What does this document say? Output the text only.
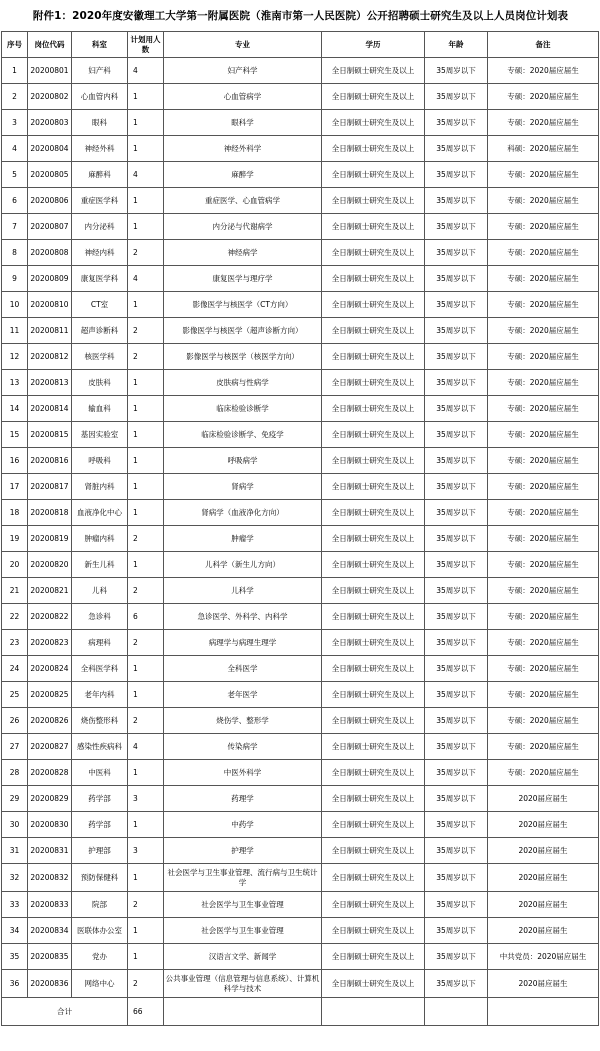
附件1：2020年度安徽理工大学第一附属医院（淮南市第一人民医院）公开招聘硕士研究生及以上人员岗位计划表
序号	岗位代码	科室	计划用人数	专业	学历	年龄	备注
1	20200801	妇产科	4	妇产科学	全日制硕士研究生及以上	35周岁以下	专硕：2020届应届生
2	20200802	心血管内科	1	心血管病学	全日制硕士研究生及以上	35周岁以下	专硕：2020届应届生
3	20200803	眼科	1	眼科学	全日制硕士研究生及以上	35周岁以下	专硕：2020届应届生
4	20200804	神经外科	1	神经外科学	全日制硕士研究生及以上	35周岁以下	科硕：2020届应届生
5	20200805	麻醉科	4	麻醉学	全日制硕士研究生及以上	35周岁以下	专硕：2020届应届生
6	20200806	重症医学科	1	重症医学、心血管病学	全日制硕士研究生及以上	35周岁以下	专硕：2020届应届生
7	20200807	内分泌科	1	内分泌与代谢病学	全日制硕士研究生及以上	35周岁以下	专硕：2020届应届生
8	20200808	神经内科	2	神经病学	全日制硕士研究生及以上	35周岁以下	专硕：2020届应届生
9	20200809	康复医学科	4	康复医学与理疗学	全日制硕士研究生及以上	35周岁以下	专硕：2020届应届生
10	20200810	CT室	1	影像医学与核医学（CT方向）	全日制硕士研究生及以上	35周岁以下	专硕：2020届应届生
11	20200811	超声诊断科	2	影像医学与核医学（超声诊断方向）	全日制硕士研究生及以上	35周岁以下	专硕：2020届应届生
12	20200812	核医学科	2	影像医学与核医学（核医学方向）	全日制硕士研究生及以上	35周岁以下	专硕：2020届应届生
13	20200813	皮肤科	1	皮肤病与性病学	全日制硕士研究生及以上	35周岁以下	专硕：2020届应届生
14	20200814	输血科	1	临床检验诊断学	全日制硕士研究生及以上	35周岁以下	专硕：2020届应届生
15	20200815	基因实验室	1	临床检验诊断学、免疫学	全日制硕士研究生及以上	35周岁以下	专硕：2020届应届生
16	20200816	呼吸科	1	呼吸病学	全日制硕士研究生及以上	35周岁以下	专硕：2020届应届生
17	20200817	肾脏内科	1	肾病学	全日制硕士研究生及以上	35周岁以下	专硕：2020届应届生
18	20200818	血液净化中心	1	肾病学（血液净化方向）	全日制硕士研究生及以上	35周岁以下	专硕：2020届应届生
19	20200819	肿瘤内科	2	肿瘤学	全日制硕士研究生及以上	35周岁以下	专硕：2020届应届生
20	20200820	新生儿科	1	儿科学（新生儿方向）	全日制硕士研究生及以上	35周岁以下	专硕：2020届应届生
21	20200821	儿科	2	儿科学	全日制硕士研究生及以上	35周岁以下	专硕：2020届应届生
22	20200822	急诊科	6	急诊医学、外科学、内科学	全日制硕士研究生及以上	35周岁以下	专硕：2020届应届生
23	20200823	病理科	2	病理学与病理生理学	全日制硕士研究生及以上	35周岁以下	专硕：2020届应届生
24	20200824	全科医学科	1	全科医学	全日制硕士研究生及以上	35周岁以下	专硕：2020届应届生
25	20200825	老年内科	1	老年医学	全日制硕士研究生及以上	35周岁以下	专硕：2020届应届生
26	20200826	烧伤整形科	2	烧伤学、整形学	全日制硕士研究生及以上	35周岁以下	专硕：2020届应届生
27	20200827	感染性疾病科	4	传染病学	全日制硕士研究生及以上	35周岁以下	专硕：2020届应届生
28	20200828	中医科	1	中医外科学	全日制硕士研究生及以上	35周岁以下	专硕：2020届应届生
29	20200829	药学部	3	药理学	全日制硕士研究生及以上	35周岁以下	2020届应届生
30	20200830	药学部	1	中药学	全日制硕士研究生及以上	35周岁以下	2020届应届生
31	20200831	护理部	3	护理学	全日制硕士研究生及以上	35周岁以下	2020届应届生
32	20200832	预防保健科	1	社会医学与卫生事业管理、流行病与卫生统计学	全日制硕士研究生及以上	35周岁以下	2020届应届生
33	20200833	院部	2	社会医学与卫生事业管理	全日制硕士研究生及以上	35周岁以下	2020届应届生
34	20200834	医联体办公室	1	社会医学与卫生事业管理	全日制硕士研究生及以上	35周岁以下	2020届应届生
35	20200835	党办	1	汉语言文学、新闻学	全日制硕士研究生及以上	35周岁以下	中共党员：2020届应届生
36	20200836	网络中心	2	公共事业管理（信息管理与信息系统）、计算机科学与技术	全日制硕士研究生及以上	35周岁以下	2020届应届生
合计			66				
